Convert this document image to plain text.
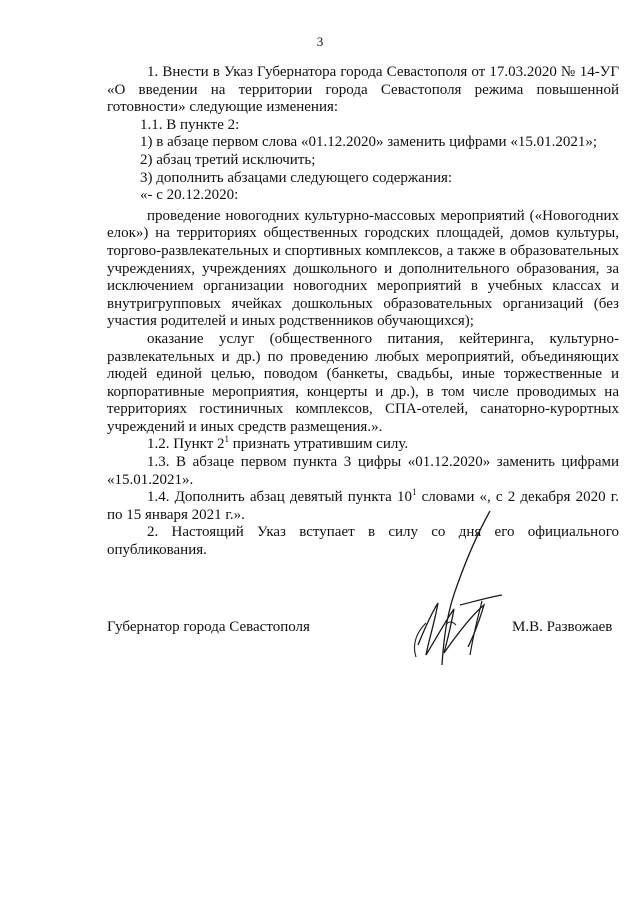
3

1. Внести в Указ Губернатора города Севастополя от 17.03.2020 № 14-УГ «О введении на территории города Севастополя режима повышенной готовности» следующие изменения:

1.1. В пункте 2:

1) в абзаце первом слова «01.12.2020» заменить цифрами «15.01.2021»;

2) абзац третий исключить;

3) дополнить абзацами следующего содержания:

«- с 20.12.2020:

проведение новогодних культурно-массовых мероприятий («Новогодних елок») на территориях общественных городских площадей, домов культуры, торгово-развлекательных и спортивных комплексов, а также в образовательных учреждениях, учреждениях дошкольного и дополнительного образования, за исключением организации новогодних мероприятий в учебных классах и внутригрупповых ячейках дошкольных образовательных организаций (без участия родителей и иных родственников обучающихся);

оказание услуг (общественного питания, кейтеринга, культурно-развлекательных и др.) по проведению любых мероприятий, объединяющих людей единой целью, поводом (банкеты, свадьбы, иные торжественные и корпоративные мероприятия, концерты и др.), в том числе проводимых на территориях гостиничных комплексов, СПА-отелей, санаторно-курортных учреждений и иных средств размещения.».

1.2. Пункт $2^1$ признать утратившим силу.

1.3. В абзаце первом пункта 3 цифры «01.12.2020» заменить цифрами «15.01.2021».

1.4. Дополнить абзац девятый пункта $10^1$ словами «, с 2 декабря 2020 г. по 15 января 2021 г.».

2. Настоящий Указ вступает в силу со дня его официального опубликования.

Губернатор города Севастополя	М.В. Развожаев
